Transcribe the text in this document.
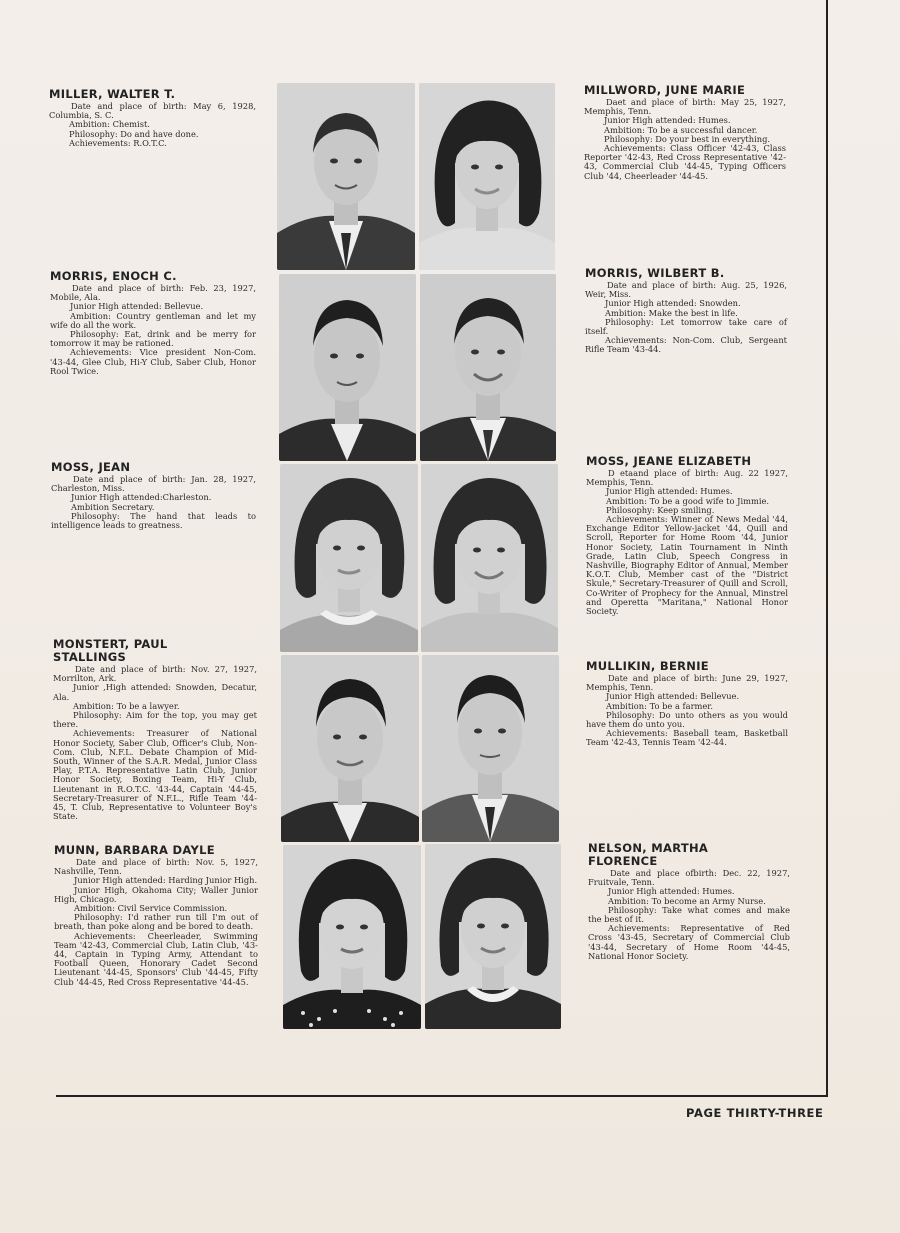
MILLER, WALTER T.

Date and place of birth: May 6, 1928, Columbia, S. C.

Ambition: Chemist.

Philosophy: Do and have done.

Achievements: R.O.T.C.

MORRIS, ENOCH C.

Date and place of birth: Feb. 23, 1927, Mobile, Ala.

Junior High attended: Bellevue.

Ambition: Country gentleman and let my wife do all the work.

Philosophy: Eat, drink and be merry for tomorrow it may be rationed.

Achievements: Vice president Non-Com. '43-44, Glee Club, Hi-Y Club, Saber Club, Honor Rool Twice.

MOSS, JEAN

Date and place of birth: Jan. 28, 1927, Charleston, Miss.

Junior High attended:Charleston.

Ambition Secretary.

Philosophy: The hand that leads to intelligence leads to greatness.

MONSTERT, PAUL STALLINGS

Date and place of birth: Nov. 27, 1927, Morrilton, Ark.

Junior ,High attended: Snowden, Decatur, Ala.

Ambition: To be a lawyer.

Philosophy: Aim for the top, you may get there.

Achievements: Treasurer of National Honor Society, Saber Club, Officer's Club, Non-Com. Club, N.F.L. Debate Champion of Mid-South, Winner of the S.A.R. Medal, Junior Class Play, P.T.A. Representative Latin Club, Junior Honor Society, Boxing Team, Hi-Y Club, Lieutenant in R.O.T.C. '43-44, Captain '44-45, Secretary-Treasurer of N.F.L., Rifle Team '44-45, T. Club, Representative to Volunteer Boy's State.

MUNN, BARBARA DAYLE

Date and place of birth: Nov. 5, 1927, Nashville, Tenn.

Junior High attended: Harding Junior High.

Junior High, Okahoma City; Waller Junior High, Chicago.

Ambition: Civil Service Commission.

Philosophy: I'd rather run till I'm out of breath, than poke along and be bored to death.

Achievements: Cheerleader, Swimming Team '42-43, Commercial Club, Latin Club, '43-44, Captain in Typing Army, Attendant to Football Queen, Honorary Cadet Second Lieutenant '44-45, Sponsors' Club '44-45, Fifty Club '44-45, Red Cross Representative '44-45.

MILLWORD, JUNE MARIE

Daet and place of birth: May 25, 1927, Memphis, Tenn.

Junior High attended: Humes.

Ambition: To be a successful dancer.

Philosophy: Do your best in everything.

Achievements: Class Officer '42-43, Class Reporter '42-43, Red Cross Representative '42-43, Commercial Club '44-45, Typing Officers Club '44, Cheerleader '44-45.

MORRIS, WILBERT B.

Date and place of birth: Aug. 25, 1926, Weir, Miss.

Junior High attended: Snowden.

Ambition: Make the best in life.

Philosophy: Let tomorrow take care of itself.

Achievements: Non-Com. Club, Sergeant Rifle Team '43-44.

MOSS, JEANE ELIZABETH

D etaand place of birth: Aug. 22 1927, Memphis, Tenn.

Junior High attended: Humes.

Ambition: To be a good wife to Jimmie.

Philosophy: Keep smiling.

Achievements: Winner of News Medal '44, Exchange Editor Yellow-jacket '44, Quill and Scroll, Reporter for Home Room '44, Junior Honor Society, Latin Tournament in Ninth Grade, Latin Club, Speech Congress in Nashville, Biography Editor of Annual, Member K.O.T. Club, Member cast of the "District Skule," Secretary-Treasurer of Quill and Scroll, Co-Writer of Prophecy for the Annual, Minstrel and Operetta "Maritana," National Honor Society.

MULLIKIN, BERNIE

Date and place of birth: June 29, 1927, Memphis, Tenn.

Junior High attended: Bellevue.

Ambition: To be a farmer.

Philosophy: Do unto others as you would have them do unto you.

Achievements: Baseball team, Basketball Team '42-43, Tennis Team '42-44.

NELSON, MARTHA FLORENCE

Date and place ofbirth: Dec. 22, 1927, Fruitvale, Tenn.

Junior High attended: Humes.

Ambition: To become an Army Nurse.

Philosophy: Take what comes and make the best of it.

Achievements: Representative of Red Cross '43-45, Secretary of Commercial Club '43-44, Secretary of Home Room '44-45, National Honor Society.

PAGE THIRTY-THREE
